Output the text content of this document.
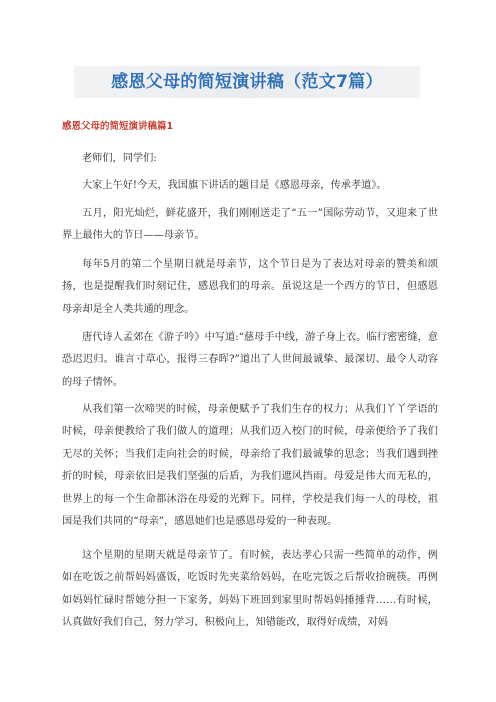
感恩父母的简短演讲稿（范文7篇）
感恩父母的简短演讲稿篇1

老师们，同学们:

大家上午好!今天，我国旗下讲话的题目是《感恩母亲，传承孝道》。

五月，阳光灿烂，鲜花盛开，我们刚刚送走了“五一”国际劳动节，又迎来了世界上最伟大的节日——母亲节。

每年5月的第二个星期日就是母亲节，这个节日是为了表达对母亲的赞美和颂扬，也是提醒我们时刻记住，感恩我们的母亲。虽说这是一个西方的节日，但感恩母亲却是全人类共通的理念。

唐代诗人孟郊在《游子吟》中写道:“慈母手中线，游子身上衣。临行密密缝，意恐迟迟归。谁言寸草心，报得三春晖?”道出了人世间最诚挚、最深切、最令人动容的母子情怀。

从我们第一次啼哭的时候，母亲便赋予了我们生存的权力；从我们丫丫学语的时候，母亲便教给了我们做人的道理；从我们迈入校门的时候，母亲便给予了我们无尽的关怀；当我们走向社会的时候，母亲给了我们最诚挚的思念；当我们遇到挫折的时候，母亲依旧是我们坚强的后盾，为我们遮风挡雨。母爱是伟大而无私的，世界上的每一个生命都沐浴在母爱的光辉下。同样，学校是我们每一人的母校，祖国是我们共同的“母亲”，感恩她们也是感恩母爱的一种表现。

这个星期的星期天就是母亲节了。有时候，表达孝心只需一些简单的动作，例如在吃饭之前帮妈妈盛饭，吃饭时先夹菜给妈妈，在吃完饭之后帮收拾碗筷。再例如妈妈忙碌时帮她分担一下家务，妈妈下班回到家里时帮妈妈捶捶背……有时候，认真做好我们自己，努力学习，积极向上，知错能改，取得好成绩，对妈
